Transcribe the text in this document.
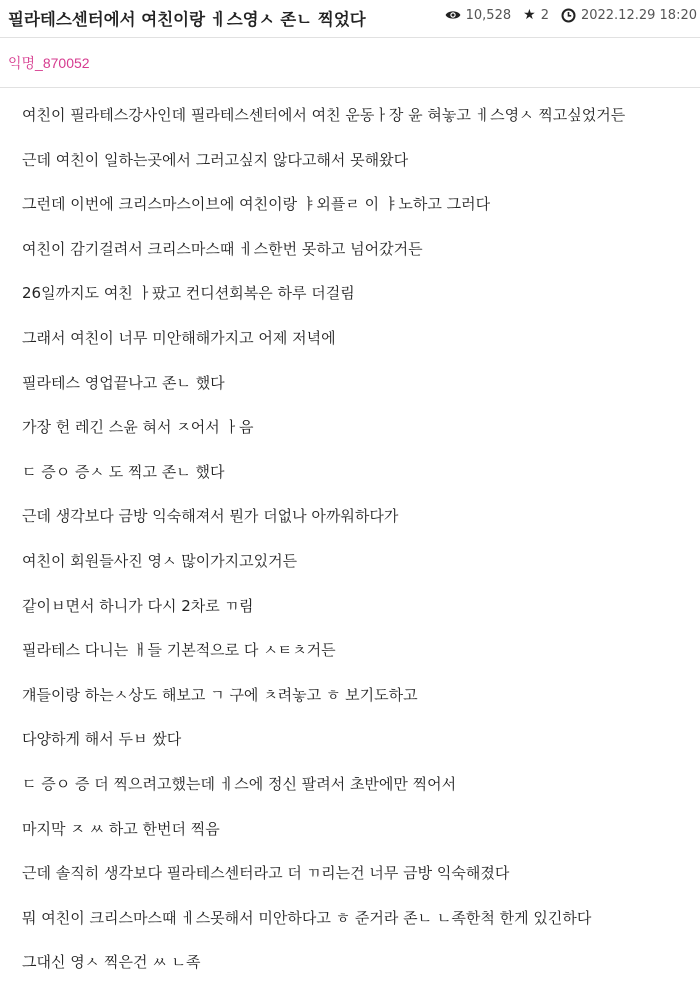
필라테스센터에서 여친이랑 ㅔ스영ㅅ 존ㄴ 찍었다	10,528 ★ 2 2022.12.29 18:20
익명_870052

여친이 필라테스강사인데 필라테스센터에서 여친 운동ㅏ장 윤 혀놓고 ㅔ스영ㅅ 찍고싶었거든

근데 여친이 일하는곳에서 그러고싶지 않다고해서 못해왔다

그런데 이번에 크리스마스이브에 여친이랑 ㅑ외플ㄹ 이 ㅑ노하고 그러다

여친이 감기걸려서 크리스마스때 ㅔ스한번 못하고 넘어갔거든

26일까지도 여친 ㅏ팠고 컨디션회복은 하루 더걸림

그래서 여친이 너무 미안해해가지고 어제 저녁에

필라테스 영업끝나고 존ㄴ 했다

가장 헌 레긴 스윤 혀서 ㅈ어서 ㅏ음

ㄷ 증ㅇ 증ㅅ 도 찍고 존ㄴ 했다

근데 생각보다 금방 익숙해져서 뭔가 더없나 아까워하다가

여친이 회원들사진 영ㅅ 많이가지고있거든

같이ㅂ면서 하니가 다시 2차로 ㄲ림

필라테스 다니는 ㅐ들 기본적으로 다 ㅅㅌㅊ거든

걔들이랑 하는ㅅ상도 해보고 ㄱ 구에 ㅊ려놓고 ㅎ 보기도하고

다양하게 해서 두ㅂ 쌌다

ㄷ 증ㅇ 증 더 찍으려고했는데 ㅔ스에 정신 팔려서 초반에만 찍어서

마지막 ㅈ ㅆ 하고 한번더 찍음

근데 솔직히 생각보다 필라테스센터라고 더 ㄲ리는건 너무 금방 익숙해졌다

뭐 여친이 크리스마스때 ㅔ스못해서 미안하다고 ㅎ 준거라 존ㄴ ㄴ족한척 한게 있긴하다

그대신 영ㅅ 찍은건 ㅆ ㄴ족
